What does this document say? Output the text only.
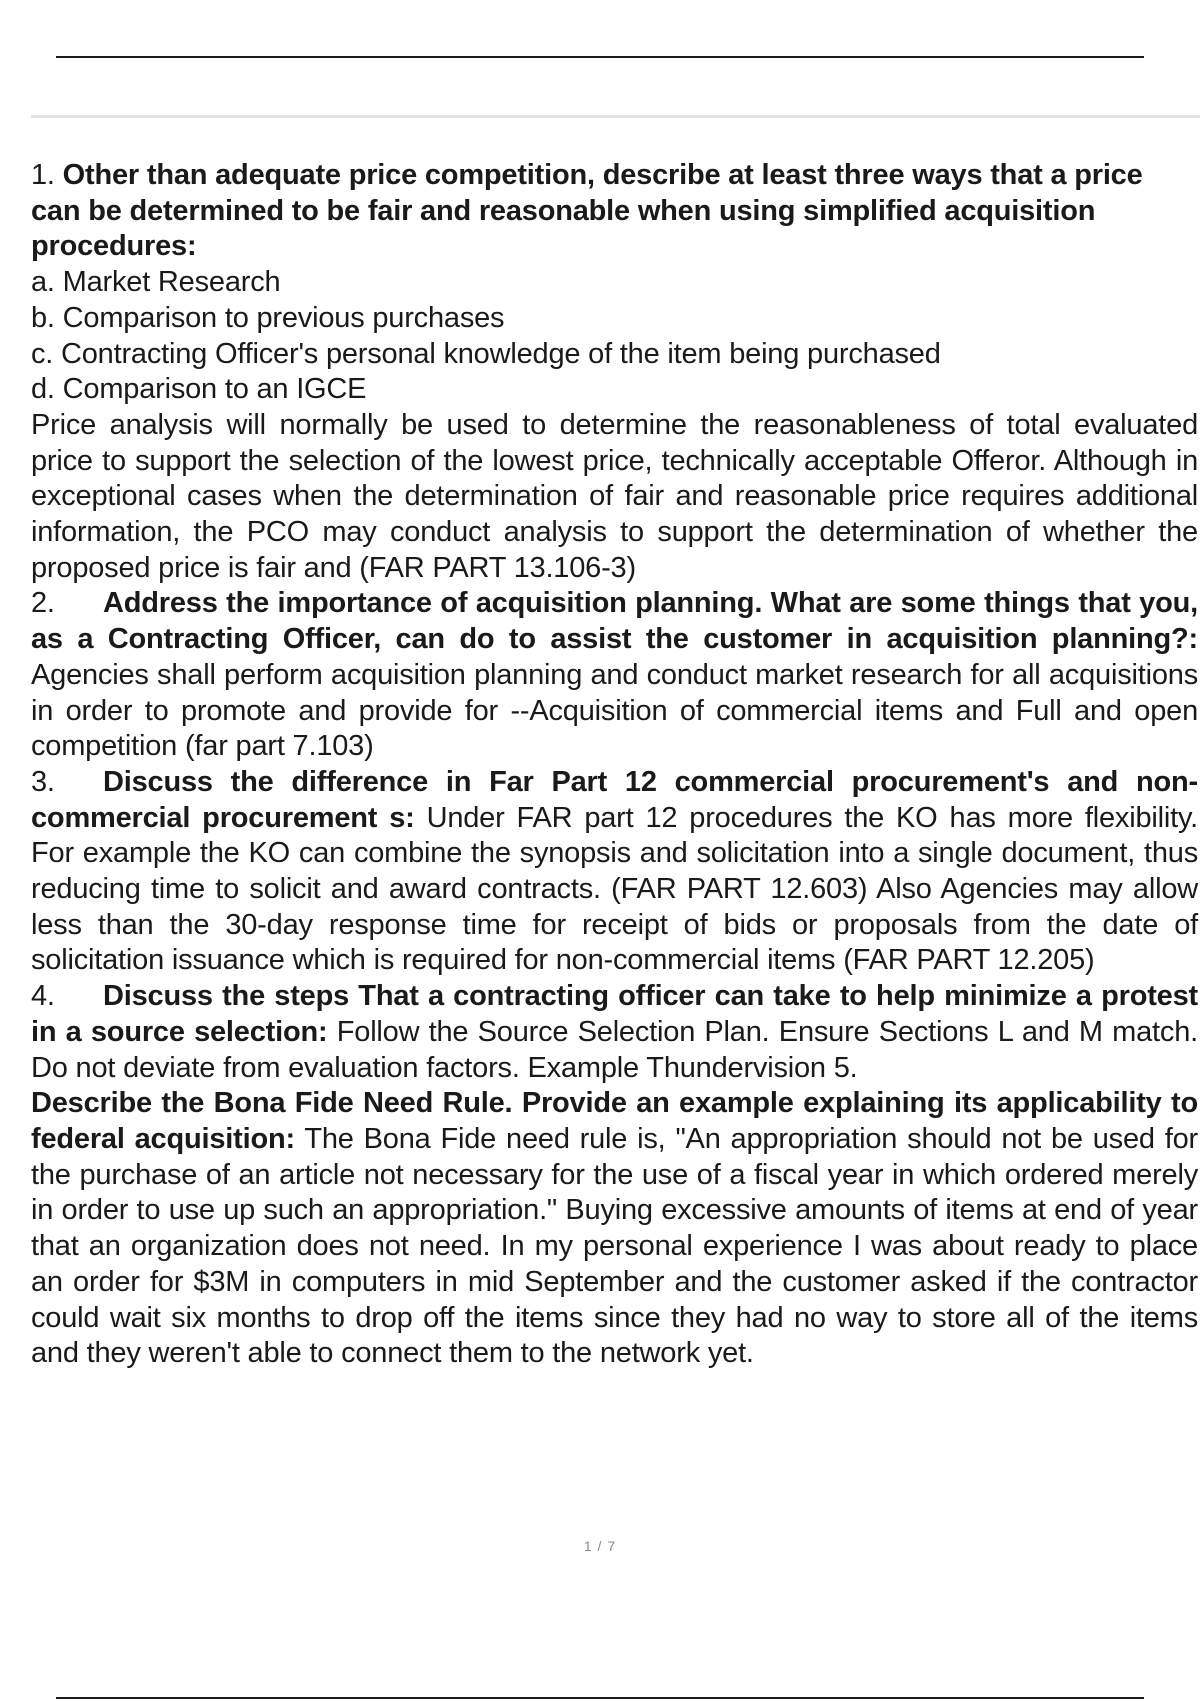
1. Other than adequate price competition, describe at least three ways that a price can be determined to be fair and reasonable when using simplified acquisition procedures:

a. Market Research

b. Comparison to previous purchases

c. Contracting Officer's personal knowledge of the item being purchased

d. Comparison to an IGCE

Price analysis will normally be used to determine the reasonableness of total evaluated price to support the selection of the lowest price, technically acceptable Offeror. Although in exceptional cases when the determination of fair and reasonable price requires additional information, the PCO may conduct analysis to support the determination of whether the proposed price is fair and (FAR PART 13.106-3)

2. Address the importance of acquisition planning. What are some things that you, as a Contracting Officer, can do to assist the customer in acquisition planning?: Agencies shall perform acquisition planning and conduct market research for all acquisitions in order to promote and provide for --Acquisition of commercial items and Full and open competition (far part 7.103)

3. Discuss the difference in Far Part 12 commercial procurement's and non-commercial procurement s: Under FAR part 12 procedures the KO has more flexibility. For example the KO can combine the synopsis and solicitation into a single document, thus reducing time to solicit and award contracts. (FAR PART 12.603) Also Agencies may allow less than the 30-day response time for receipt of bids or proposals from the date of solicitation issuance which is required for non-commercial items (FAR PART 12.205)

4. Discuss the steps That a contracting officer can take to help minimize a protest in a source selection: Follow the Source Selection Plan. Ensure Sections L and M match. Do not deviate from evaluation factors. Example Thundervision 5.

Describe the Bona Fide Need Rule. Provide an example explaining its applicability to federal acquisition: The Bona Fide need rule is, "An appropriation should not be used for the purchase of an article not necessary for the use of a fiscal year in which ordered merely in order to use up such an appropriation." Buying excessive amounts of items at end of year that an organization does not need. In my personal experience I was about ready to place an order for $3M in computers in mid September and the customer asked if the contractor could wait six months to drop off the items since they had no way to store all of the items and they weren't able to connect them to the network yet.

1 / 7
